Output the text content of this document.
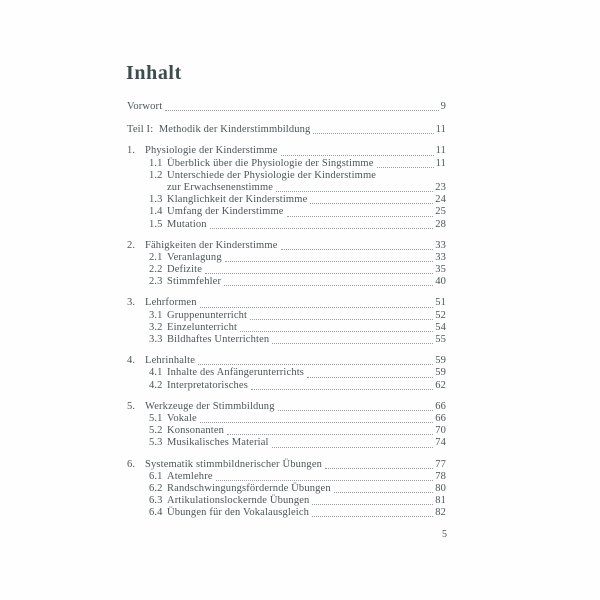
Inhalt
Vorwort	9
Teil I:  Methodik der Kinderstimmbildung	11
1. Physiologie der Kinderstimme	11
1.1 Überblick über die Physiologie der Singstimme	11
1.2 Unterschiede der Physiologie der Kinderstimme
zur Erwachsenenstimme	23
1.3 Klanglichkeit der Kinderstimme	24
1.4 Umfang der Kinderstimme	25
1.5 Mutation	28
2. Fähigkeiten der Kinderstimme	33
2.1 Veranlagung	33
2.2 Defizite	35
2.3 Stimmfehler	40
3. Lehrformen	51
3.1 Gruppenunterricht	52
3.2 Einzelunterricht	54
3.3 Bildhaftes Unterrichten	55
4. Lehrinhalte	59
4.1 Inhalte des Anfängerunterrichts	59
4.2 Interpretatorisches	62
5. Werkzeuge der Stimmbildung	66
5.1 Vokale	66
5.2 Konsonanten	70
5.3 Musikalisches Material	74
6. Systematik stimmbildnerischer Übungen	77
6.1 Atemlehre	78
6.2 Randschwingungsfördernde Übungen	80
6.3 Artikulationslockernde Übungen	81
6.4 Übungen für den Vokalausgleich	82
5
